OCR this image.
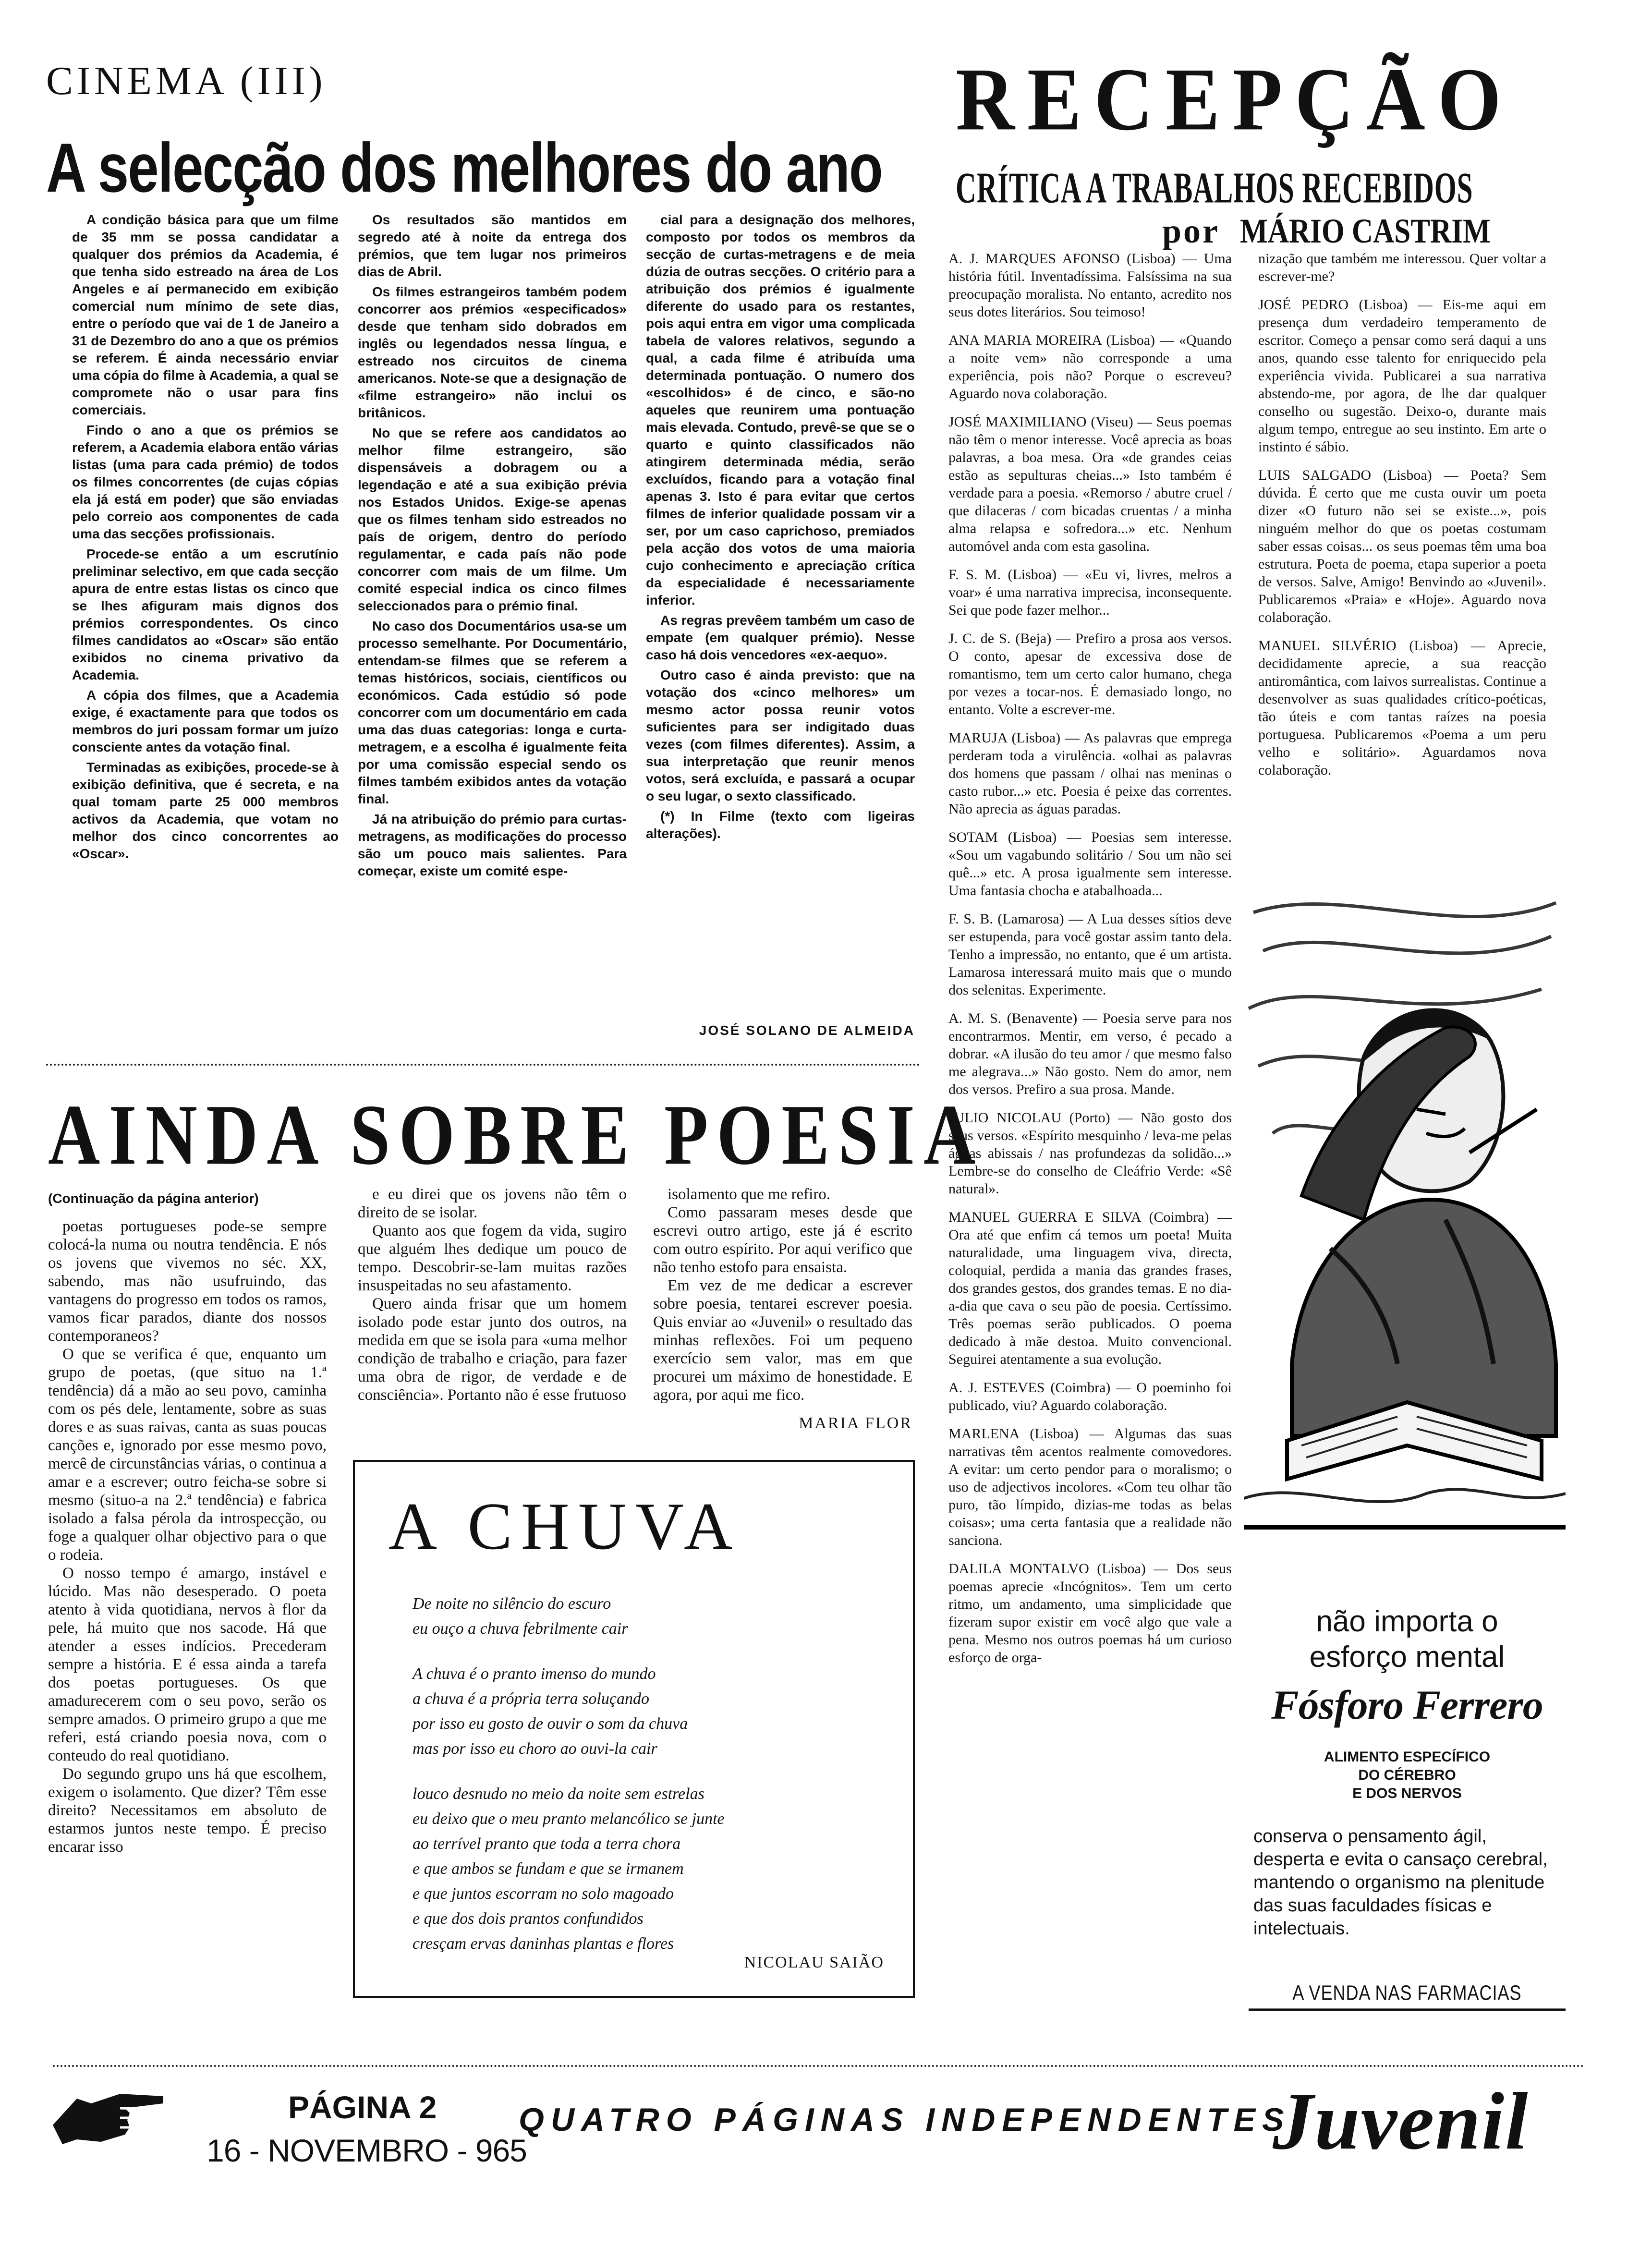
CINEMA (III)
A selecção dos melhores do ano

A condição básica para que um filme de 35 mm se possa candidatar a qualquer dos prémios da Academia, é que tenha sido estreado na área de Los Angeles e aí permanecido em exibição comercial num mínimo de sete dias, entre o período que vai de 1 de Janeiro a 31 de Dezembro do ano a que os prémios se referem. É ainda necessário enviar uma cópia do filme à Academia, a qual se compromete não o usar para fins comerciais.

Findo o ano a que os prémios se referem, a Academia elabora então várias listas (uma para cada prémio) de todos os filmes concorrentes (de cujas cópias ela já está em poder) que são enviadas pelo correio aos componentes de cada uma das secções profissionais.

Procede-se então a um escrutínio preliminar selectivo, em que cada secção apura de entre estas listas os cinco que se lhes afiguram mais dignos dos prémios correspondentes. Os cinco filmes candidatos ao «Oscar» são então exibidos no cinema privativo da Academia.

A cópia dos filmes, que a Academia exige, é exactamente para que todos os membros do juri possam formar um juízo consciente antes da votação final.

Terminadas as exibições, procede-se à exibição definitiva, que é secreta, e na qual tomam parte 25 000 membros activos da Academia, que votam no melhor dos cinco concorrentes ao «Oscar».

Os resultados são mantidos em segredo até à noite da entrega dos prémios, que tem lugar nos primeiros dias de Abril.

Os filmes estrangeiros também podem concorrer aos prémios «especificados» desde que tenham sido dobrados em inglês ou legendados nessa língua, e estreado nos circuitos de cinema americanos. Note-se que a designação de «filme estrangeiro» não inclui os britânicos.

No que se refere aos candidatos ao melhor filme estrangeiro, são dispensáveis a dobragem ou a legendação e até a sua exibição prévia nos Estados Unidos. Exige-se apenas que os filmes tenham sido estreados no país de origem, dentro do período regulamentar, e cada país não pode concorrer com mais de um filme. Um comité especial indica os cinco filmes seleccionados para o prémio final.

No caso dos Documentários usa-se um processo semelhante. Por Documentário, entendam-se filmes que se referem a temas históricos, sociais, científicos ou económicos. Cada estúdio só pode concorrer com um documentário em cada uma das duas categorias: longa e curta-metragem, e a escolha é igualmente feita por uma comissão especial sendo os filmes também exibidos antes da votação final.

Já na atribuição do prémio para curtas-metragens, as modificações do processo são um pouco mais salientes. Para começar, existe um comité espe-

cial para a designação dos melhores, composto por todos os membros da secção de curtas-metragens e de meia dúzia de outras secções. O critério para a atribuição dos prémios é igualmente diferente do usado para os restantes, pois aqui entra em vigor uma complicada tabela de valores relativos, segundo a qual, a cada filme é atribuída uma determinada pontuação. O numero dos «escolhidos» é de cinco, e são-no aqueles que reunirem uma pontuação mais elevada. Contudo, prevê-se que se o quarto e quinto classificados não atingirem determinada média, serão excluídos, ficando para a votação final apenas 3. Isto é para evitar que certos filmes de inferior qualidade possam vir a ser, por um caso caprichoso, premiados pela acção dos votos de uma maioria cujo conhecimento e apreciação crítica da especialidade é necessariamente inferior.

As regras prevêem também um caso de empate (em qualquer prémio). Nesse caso há dois vencedores «ex-aequo».

Outro caso é ainda previsto: que na votação dos «cinco melhores» um mesmo actor possa reunir votos suficientes para ser indigitado duas vezes (com filmes diferentes). Assim, a sua interpretação que reunir menos votos, será excluída, e passará a ocupar o seu lugar, o sexto classificado.

(*) In Filme (texto com ligeiras alterações).

JOSÉ SOLANO DE ALMEIDA
RECEPÇÃO
CRÍTICA A TRABALHOS RECEBIDOS
por MÁRIO CASTRIM

A. J. MARQUES AFONSO (Lisboa) — Uma história fútil. Inventadíssima. Falsíssima na sua preocupação moralista. No entanto, acredito nos seus dotes literários. Sou teimoso!

ANA MARIA MOREIRA (Lisboa) — «Quando a noite vem» não corresponde a uma experiência, pois não? Porque o escreveu? Aguardo nova colaboração.

JOSÉ MAXIMILIANO (Viseu) — Seus poemas não têm o menor interesse. Você aprecia as boas palavras, a boa mesa. Ora «de grandes ceias estão as sepulturas cheias...» Isto também é verdade para a poesia. «Remorso / abutre cruel / que dilaceras / com bicadas cruentas / a minha alma relapsa e sofredora...» etc. Nenhum automóvel anda com esta gasolina.

F. S. M. (Lisboa) — «Eu vi, livres, melros a voar» é uma narrativa imprecisa, inconsequente. Sei que pode fazer melhor...

J. C. de S. (Beja) — Prefiro a prosa aos versos. O conto, apesar de excessiva dose de romantismo, tem um certo calor humano, chega por vezes a tocar-nos. É demasiado longo, no entanto. Volte a escrever-me.

MARUJA (Lisboa) — As palavras que emprega perderam toda a virulência. «olhai as palavras dos homens que passam / olhai nas meninas o casto rubor...» etc. Poesia é peixe das correntes. Não aprecia as águas paradas.

SOTAM (Lisboa) — Poesias sem interesse. «Sou um vagabundo solitário / Sou um não sei quê...» etc. A prosa igualmente sem interesse. Uma fantasia chocha e atabalhoada...

F. S. B. (Lamarosa) — A Lua desses sítios deve ser estupenda, para você gostar assim tanto dela. Tenho a impressão, no entanto, que é um artista. Lamarosa interessará muito mais que o mundo dos selenitas. Experimente.

A. M. S. (Benavente) — Poesia serve para nos encontrarmos. Mentir, em verso, é pecado a dobrar. «A ilusão do teu amor / que mesmo falso me alegrava...» Não gosto. Nem do amor, nem dos versos. Prefiro a sua prosa. Mande.

JULIO NICOLAU (Porto) — Não gosto dos seus versos. «Espírito mesquinho / leva-me pelas águas abissais / nas profundezas da solidão...» Lembre-se do conselho de Cleáfrio Verde: «Sê natural».

MANUEL GUERRA E SILVA (Coimbra) — Ora até que enfim cá temos um poeta! Muita naturalidade, uma linguagem viva, directa, coloquial, perdida a mania das grandes frases, dos grandes gestos, dos grandes temas. E no dia-a-dia que cava o seu pão de poesia. Certíssimo. Três poemas serão publicados. O poema dedicado à mãe destoa. Muito convencional. Seguirei atentamente a sua evolução.

A. J. ESTEVES (Coimbra) — O poeminho foi publicado, viu? Aguardo colaboração.

MARLENA (Lisboa) — Algumas das suas narrativas têm acentos realmente comovedores. A evitar: um certo pendor para o moralismo; o uso de adjectivos incolores. «Com teu olhar tão puro, tão límpido, dizias-me todas as belas coisas»; uma certa fantasia que a realidade não sanciona.

DALILA MONTALVO (Lisboa) — Dos seus poemas aprecie «Incógnitos». Tem um certo ritmo, um andamento, uma simplicidade que fizeram supor existir em você algo que vale a pena. Mesmo nos outros poemas há um curioso esforço de orga-

nização que também me interessou. Quer voltar a escrever-me?

JOSÉ PEDRO (Lisboa) — Eis-me aqui em presença dum verdadeiro temperamento de escritor. Começo a pensar como será daqui a uns anos, quando esse talento for enriquecido pela experiência vivida. Publicarei a sua narrativa abstendo-me, por agora, de lhe dar qualquer conselho ou sugestão. Deixo-o, durante mais algum tempo, entregue ao seu instinto. Em arte o instinto é sábio.

LUIS SALGADO (Lisboa) — Poeta? Sem dúvida. É certo que me custa ouvir um poeta dizer «O futuro não sei se existe...», pois ninguém melhor do que os poetas costumam saber essas coisas... os seus poemas têm uma boa estrutura. Poeta de poema, etapa superior a poeta de versos. Salve, Amigo! Benvindo ao «Juvenil». Publicaremos «Praia» e «Hoje». Aguardo nova colaboração.

MANUEL SILVÉRIO (Lisboa) — Aprecie, decididamente aprecie, a sua reacção antiromântica, com laivos surrealistas. Continue a desenvolver as suas qualidades crítico-poéticas, tão úteis e com tantas raízes na poesia portuguesa. Publicaremos «Poema a um peru velho e solitário». Aguardamos nova colaboração.

não importa o
esforço mental
Fósforo Ferrero
ALIMENTO ESPECÍFICO
DO CÉREBRO
E DOS NERVOS
conserva o pensamento ágil, desperta e evita o cansaço cerebral, mantendo o organismo na plenitude das suas faculdades físicas e intelectuais.
A VENDA NAS FARMACIAS
AINDA SOBRE POESIA
(Continuação da página anterior)

poetas portugueses pode-se sempre colocá-la numa ou noutra tendência. E nós os jovens que vivemos no séc. XX, sabendo, mas não usufruindo, das vantagens do progresso em todos os ramos, vamos ficar parados, diante dos nossos contemporaneos?

O que se verifica é que, enquanto um grupo de poetas, (que situo na 1.ª tendência) dá a mão ao seu povo, caminha com os pés dele, lentamente, sobre as suas dores e as suas raivas, canta as suas poucas canções e, ignorado por esse mesmo povo, mercê de circunstâncias várias, o continua a amar e a escrever; outro feicha-se sobre si mesmo (situo-a na 2.ª tendência) e fabrica isolado a falsa pérola da introspecção, ou foge a qualquer olhar objectivo para o que o rodeia.

O nosso tempo é amargo, instável e lúcido. Mas não desesperado. O poeta atento à vida quotidiana, nervos à flor da pele, há muito que nos sacode. Há que atender a esses indícios. Precederam sempre a história. E é essa ainda a tarefa dos poetas portugueses. Os que amadurecerem com o seu povo, serão os sempre amados. O primeiro grupo a que me referi, está criando poesia nova, com o conteudo do real quotidiano.

Do segundo grupo uns há que escolhem, exigem o isolamento. Que dizer? Têm esse direito? Necessitamos em absoluto de estarmos juntos neste tempo. É preciso encarar isso

e eu direi que os jovens não têm o direito de se isolar.

Quanto aos que fogem da vida, sugiro que alguém lhes dedique um pouco de tempo. Descobrir-se-lam muitas razões insuspeitadas no seu afastamento.

Quero ainda frisar que um homem isolado pode estar junto dos outros, na medida em que se isola para «uma melhor condição de trabalho e criação, para fazer uma obra de rigor, de verdade e de consciência». Portanto não é esse frutuoso

isolamento que me refiro.

Como passaram meses desde que escrevi outro artigo, este já é escrito com outro espírito. Por aqui verifico que não tenho estofo para ensaista.

Em vez de me dedicar a escrever sobre poesia, tentarei escrever poesia. Quis enviar ao «Juvenil» o resultado das minhas reflexões. Foi um pequeno exercício sem valor, mas em que procurei um máximo de honestidade. E agora, por aqui me fico.

MARIA FLOR
A CHUVA
De noite no silêncio do escuro
eu ouço a chuva febrilmente cair
A chuva é o pranto imenso do mundo
a chuva é a própria terra soluçando
por isso eu gosto de ouvir o som da chuva
mas por isso eu choro ao ouvi-la cair
louco desnudo no meio da noite sem estrelas
eu deixo que o meu pranto melancólico se junte
ao terrível pranto que toda a terra chora
e que ambos se fundam e que se irmanem
e que juntos escorram no solo magoado
e que dos dois prantos confundidos
cresçam ervas daninhas plantas e flores
NICOLAU SAIÃO
PÁGINA 2
16 - NOVEMBRO - 965
QUATRO PÁGINAS INDEPENDENTES
Juvenil
